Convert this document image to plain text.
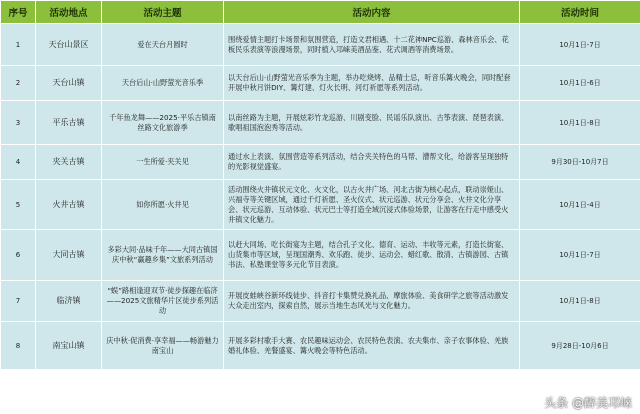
序号	活动地点	活动主题	活动内容	活动时间
1	天台山景区	爱在天台月圆时	围绕爱情主题打卡场景和氛围营造，打造文君相遇、十二花神NPC巡游、森林音乐会、花板民乐表演等浪漫场景，同时植入邛崃美酒品鉴、花式调酒等消费场景。	10月1日-7日
2	天台山镇	天台后山·山野萤光音乐季	以天台后山·山野萤光音乐季为主题，举办吃烧烤、品精士忌，听音乐篝火晚会，同时配套开展中秋月饼DIY、篝灯建、灯火长明、河灯祈愿等系列活动。	10月1日-6日
3	平乐古镇	千年鱼龙舞——2025·平乐古镇南丝路文化旅游季	以南丝路为主题，开展炫彩竹龙巡游、川剧变脸、民谣乐队演出、古筝表演、琵琶表演、歌唱祖国泡泡秀等活动。	10月1日-8日
4	夹关古镇	一生所爱·夹关见	通过水上表演、氛围营造等系列活动，结合夹关特色的马帮、漕帮文化，给游客呈现独特的光影视觉盛宴。	9月30日-10月7日
5	火井古镇	如你所愿·火井见	活动围绕火井镇状元文化、火文化，以古火井广场、河北古街为核心起点，联动崇娅山、兴福寺等关键区域，通过千灯祈愿、圣火仪式、状元巡游、状元分享会、火井文化分享会、状元巡游、互动体验、状元巴士等打造全域沉浸式体验场景，让游客在行走中感受火井镇文化魅力。	10月1日-4日
6	大同古镇	多彩大同·品味千年——大同古镇国庆中秋“赢趣乡集”文旅系列活动	以赶大同场、吃长街宴为主题，结合孔子文化、德育、运动、丰收等元素，打造长街宴、山货集市等区域，呈现国潮秀、欢乐跑、徒步、运动会、蜡红歌、散清、古镇游园、古镇书法、私塾课堂等多元化节目表演。	10月1日-7日
7	临济镇	“蜈”路相逢迎双节·徒步探趣在临济——2025文旅精华片区徒步系列活动	开展皮蛙峡谷新环线徒步、抖音打卡集赞兑换礼品、摩旅体验、美食研学之旅等活动激发大众走出室内，探索自然，展示当地生态风光与文化魅力。	10月1日-8日
8	南宝山镇	庆中秋·促消费·享幸福——畅游魅力南宝山	开展多彩村歌手大赛、农民趣味运动会、农民特色表演、农夫集市、亲子农事体验、羌族婚礼体验、羌餐盛宴、篝火晚会等特色活动。	9月28日-10月6日
头条 @醉美邛崃
